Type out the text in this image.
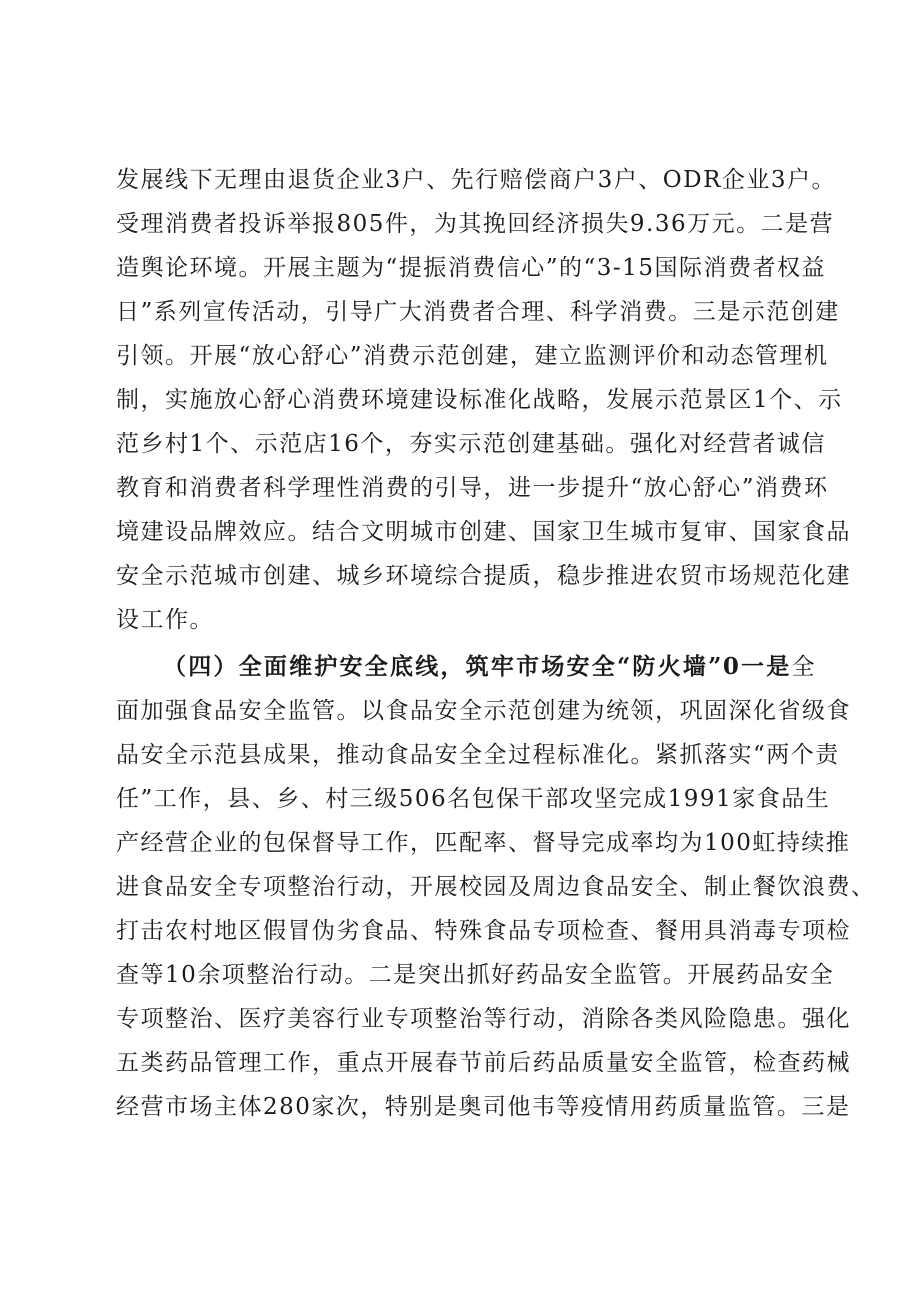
发展线下无理由退货企业3户、先行赔偿商户3户、ODR企业3户。
受理消费者投诉举报805件，为其挽回经济损失9.36万元。二是营
造舆论环境。开展主题为“提振消费信心”的“3-15国际消费者权益
日”系列宣传活动，引导广大消费者合理、科学消费。三是示范创建
引领。开展“放心舒心”消费示范创建，建立监测评价和动态管理机
制，实施放心舒心消费环境建设标准化战略，发展示范景区1个、示
范乡村1个、示范店16个，夯实示范创建基础。强化对经营者诚信
教育和消费者科学理性消费的引导，进一步提升“放心舒心”消费环
境建设品牌效应。结合文明城市创建、国家卫生城市复审、国家食品
安全示范城市创建、城乡环境综合提质，稳步推进农贸市场规范化建
设工作。
（四）全面维护安全底线，筑牢市场安全“防火墙”0一是全
面加强食品安全监管。以食品安全示范创建为统领，巩固深化省级食
品安全示范县成果，推动食品安全全过程标准化。紧抓落实“两个责
任”工作，县、乡、村三级506名包保干部攻坚完成1991家食品生
产经营企业的包保督导工作，匹配率、督导完成率均为100虹持续推
进食品安全专项整治行动，开展校园及周边食品安全、制止餐饮浪费、
打击农村地区假冒伪劣食品、特殊食品专项检查、餐用具消毒专项检
查等10余项整治行动。二是突出抓好药品安全监管。开展药品安全
专项整治、医疗美容行业专项整治等行动，消除各类风险隐患。强化
五类药品管理工作，重点开展春节前后药品质量安全监管，检查药械
经营市场主体280家次，特别是奥司他韦等疫情用药质量监管。三是
